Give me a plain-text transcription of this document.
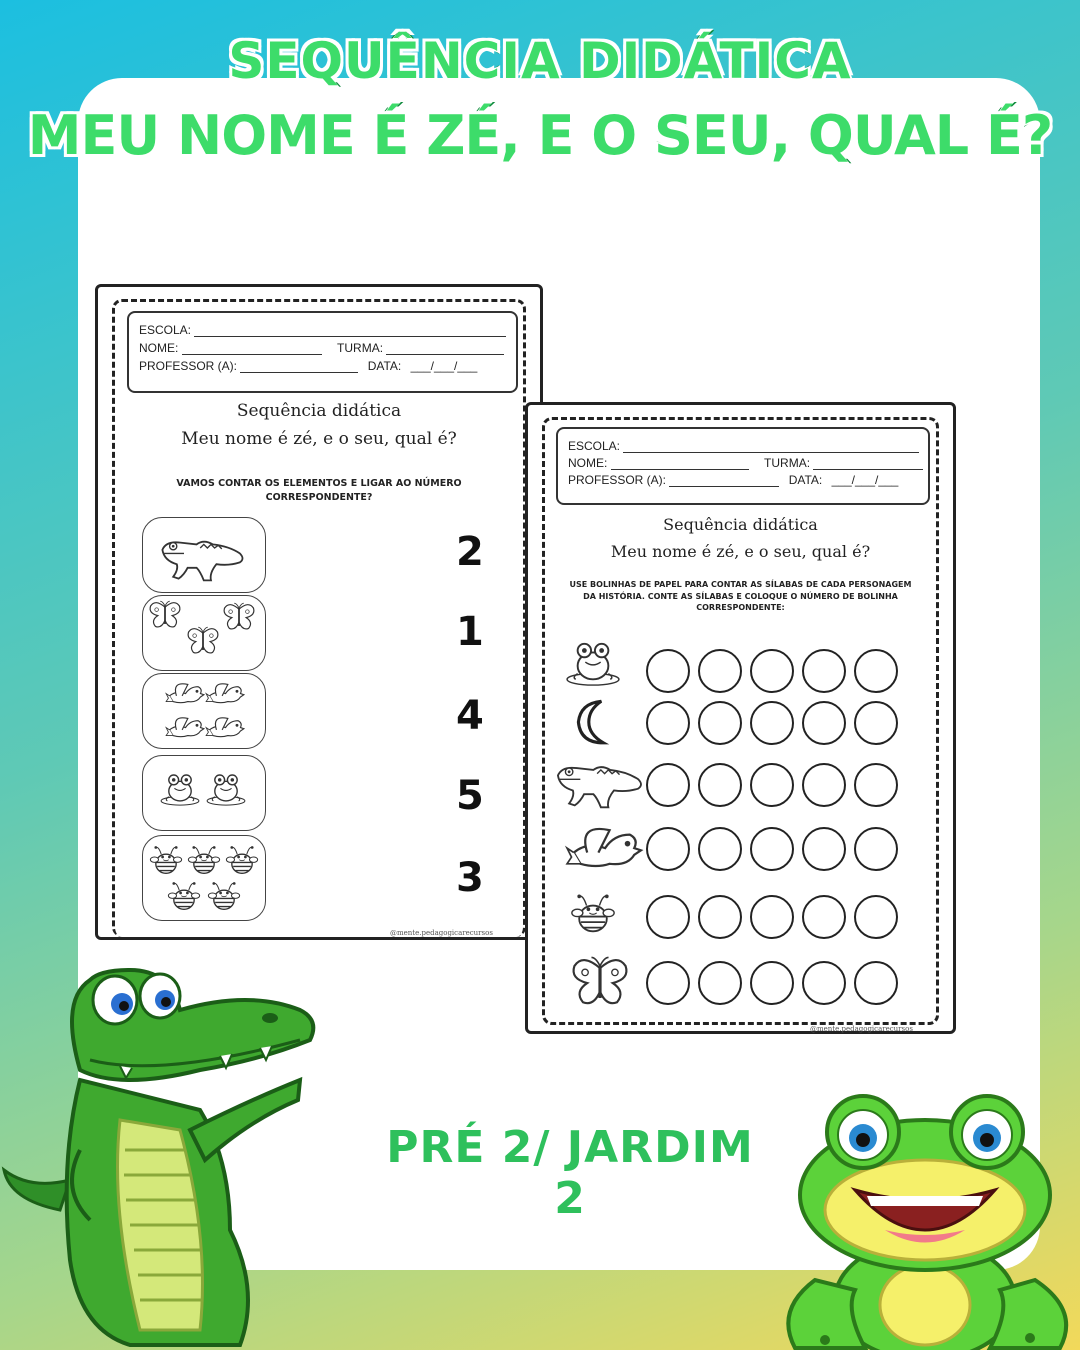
SEQUÊNCIA DIDÁTICA
MEU NOME É ZÉ, E O SEU, QUAL É?
ESCOLA:
NOME:	TURMA:
PROFESSOR (A):	DATA: ___/___/___
Sequência didática
Meu nome é zé, e o seu, qual é?
VAMOS CONTAR OS ELEMENTOS E LIGAR AO NÚMERO
CORRESPONDENTE?
2
1
4
5
3
@mente.pedagogicarecursos
ESCOLA:
NOME:	TURMA:
PROFESSOR (A):	DATA: ___/___/___
Sequência didática
Meu nome é zé, e o seu, qual é?
USE BOLINHAS DE PAPEL PARA CONTAR AS SÍLABAS DE CADA PERSONAGEM
DA HISTÓRIA. CONTE AS SÍLABAS E COLOQUE O NÚMERO DE BOLINHA
CORRESPONDENTE:
@mente.pedagogicarecursos
PRÉ 2/ JARDIM 2
